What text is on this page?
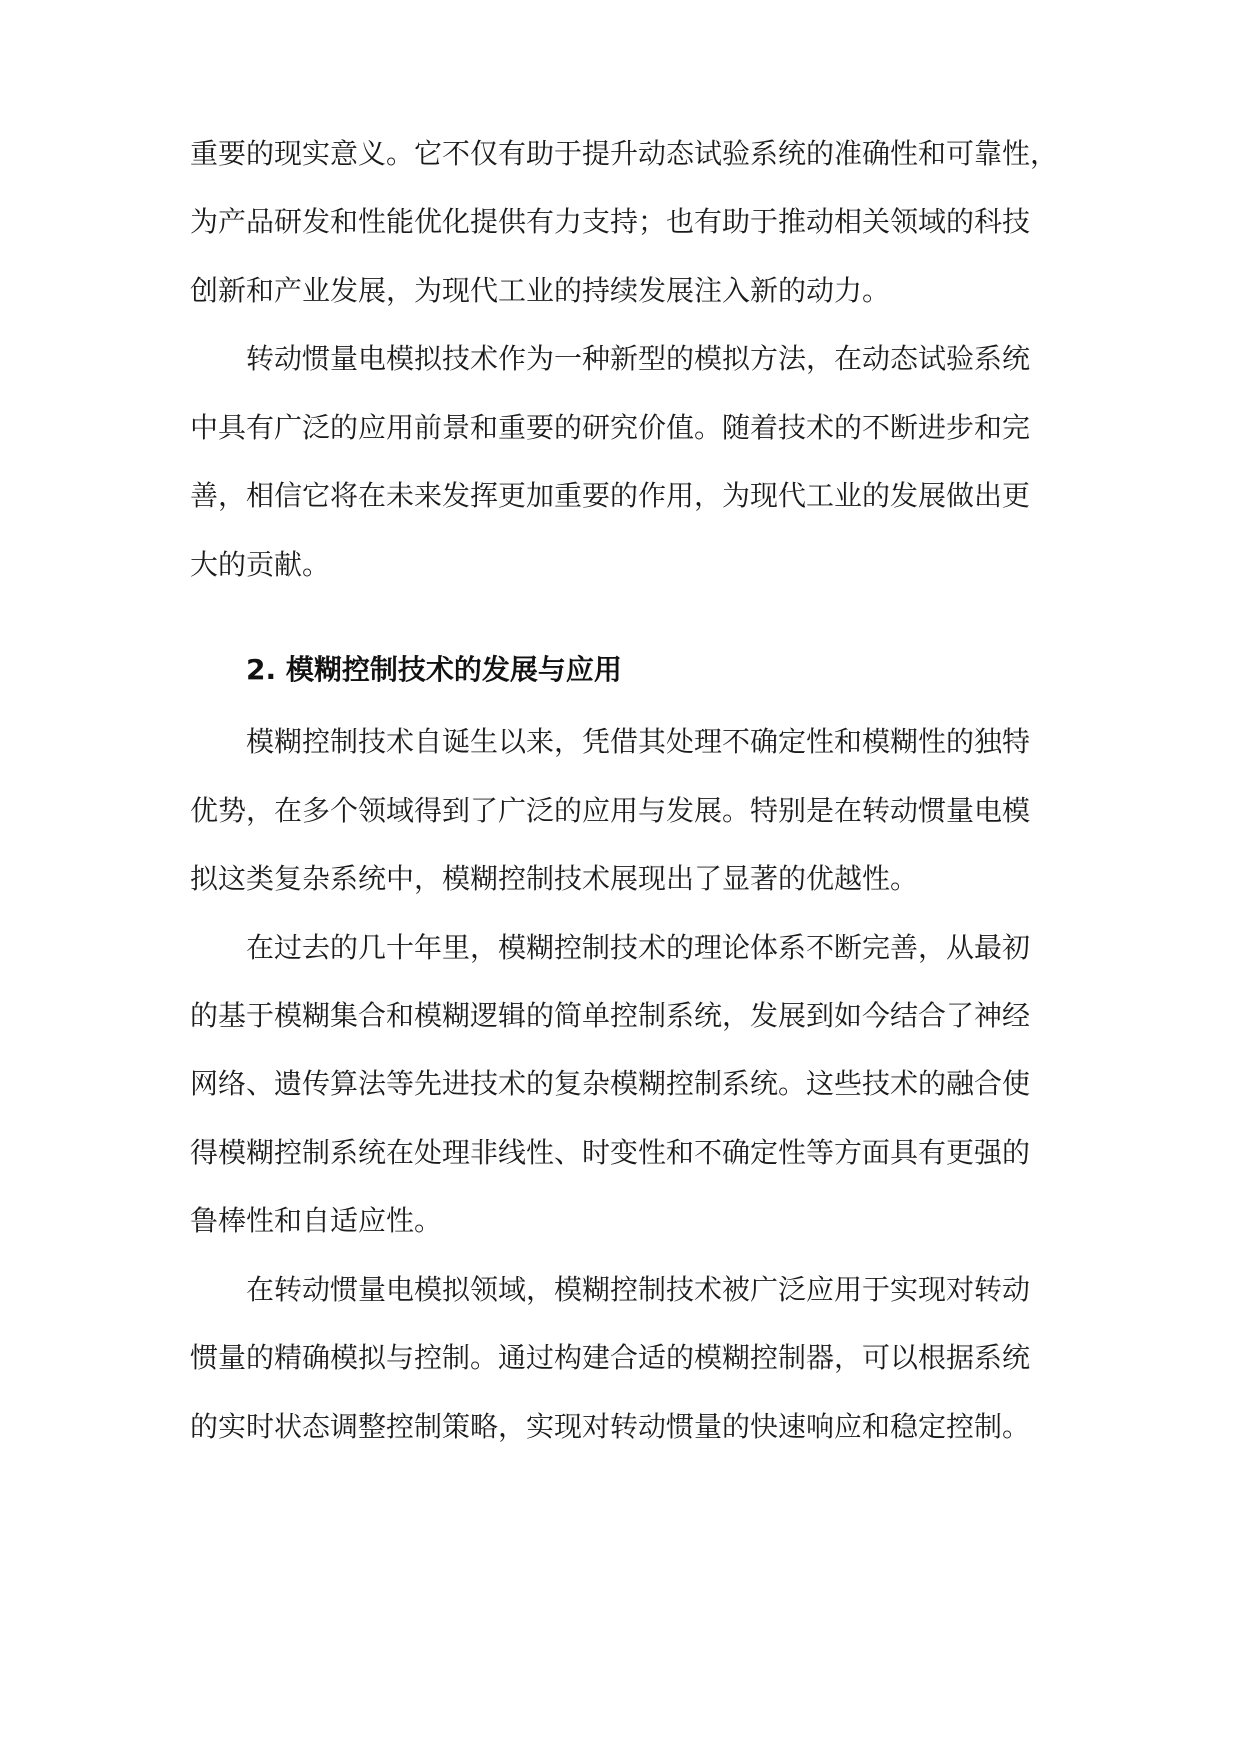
重要的现实意义。它不仅有助于提升动态试验系统的准确性和可靠性，

为产品研发和性能优化提供有力支持；也有助于推动相关领域的科技

创新和产业发展，为现代工业的持续发展注入新的动力。

转动惯量电模拟技术作为一种新型的模拟方法，在动态试验系统

中具有广泛的应用前景和重要的研究价值。随着技术的不断进步和完

善，相信它将在未来发挥更加重要的作用，为现代工业的发展做出更

大的贡献。

2. 模糊控制技术的发展与应用

模糊控制技术自诞生以来，凭借其处理不确定性和模糊性的独特

优势，在多个领域得到了广泛的应用与发展。特别是在转动惯量电模

拟这类复杂系统中，模糊控制技术展现出了显著的优越性。

在过去的几十年里，模糊控制技术的理论体系不断完善，从最初

的基于模糊集合和模糊逻辑的简单控制系统，发展到如今结合了神经

网络、遗传算法等先进技术的复杂模糊控制系统。这些技术的融合使

得模糊控制系统在处理非线性、时变性和不确定性等方面具有更强的

鲁棒性和自适应性。

在转动惯量电模拟领域，模糊控制技术被广泛应用于实现对转动

惯量的精确模拟与控制。通过构建合适的模糊控制器，可以根据系统

的实时状态调整控制策略，实现对转动惯量的快速响应和稳定控制。
